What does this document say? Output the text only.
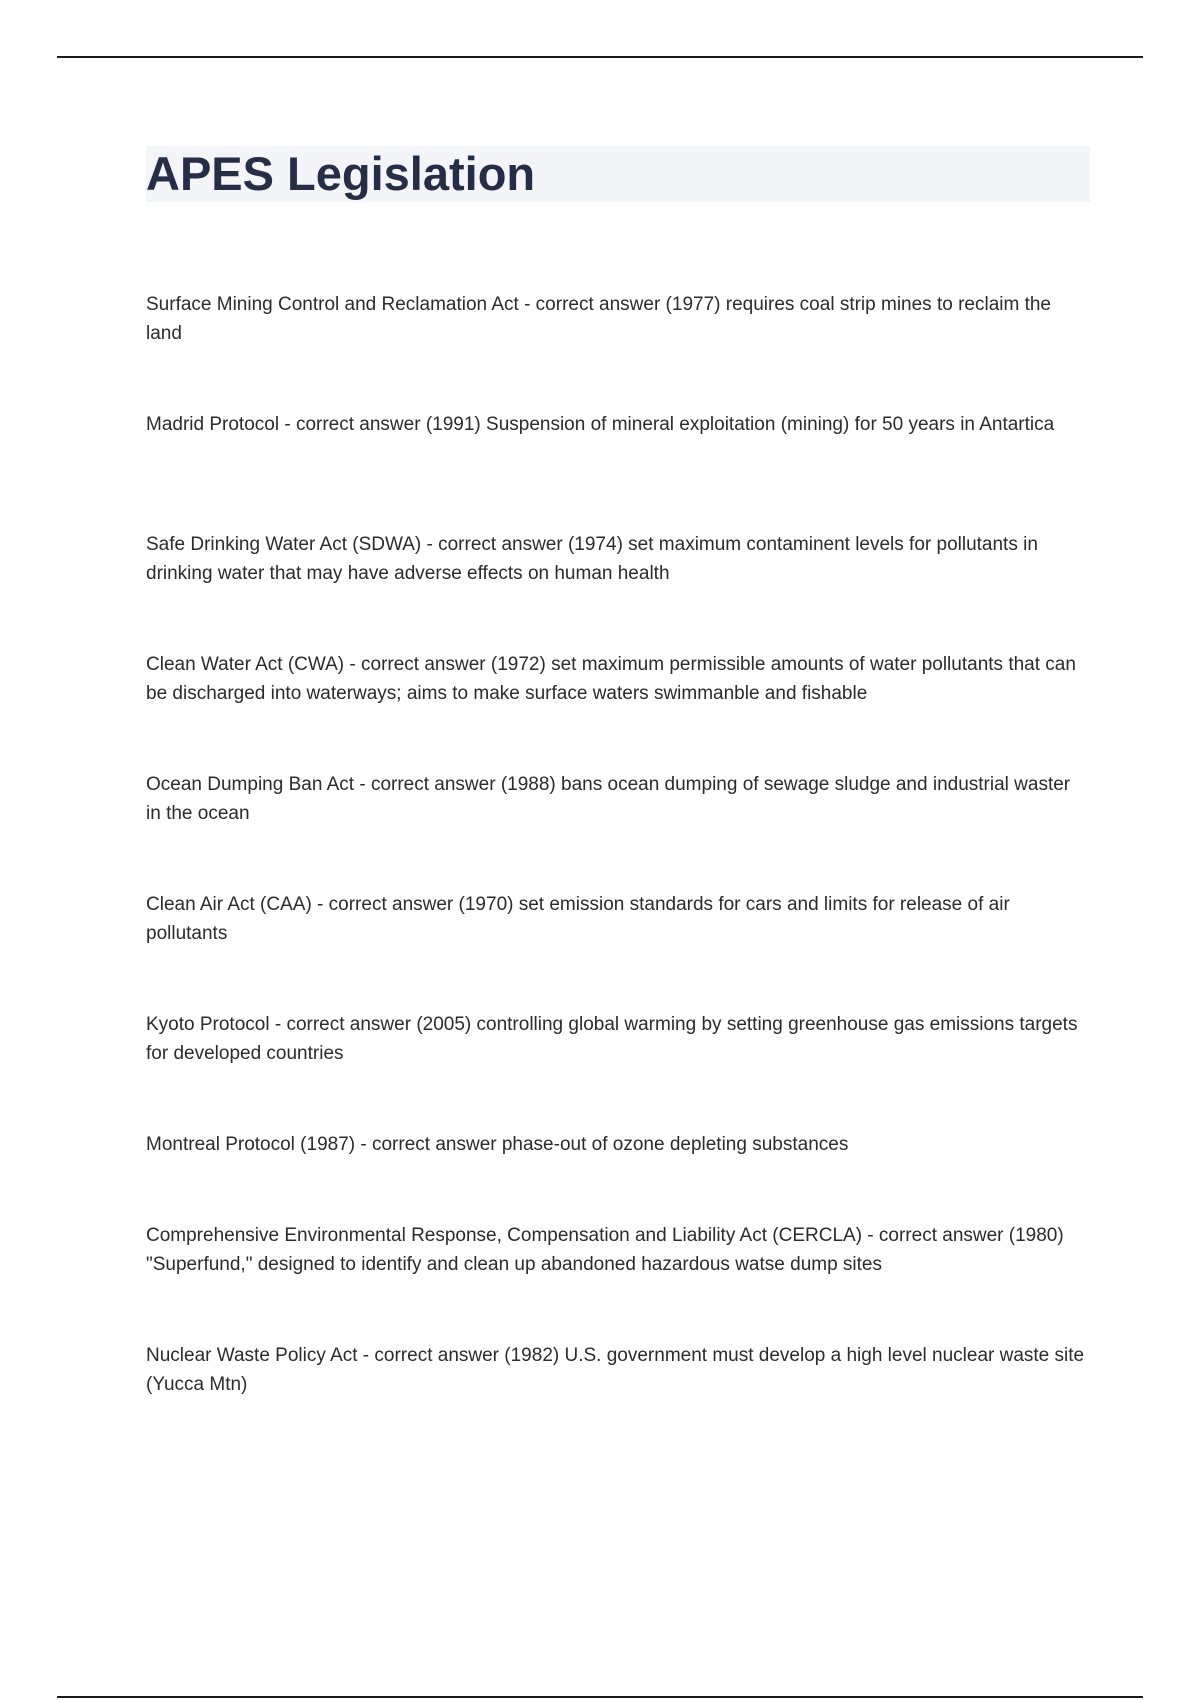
APES Legislation

Surface Mining Control and Reclamation Act - correct answer (1977) requires coal strip mines to reclaim the land

Madrid Protocol - correct answer (1991) Suspension of mineral exploitation (mining) for 50 years in Antartica

Safe Drinking Water Act (SDWA) - correct answer (1974) set maximum contaminent levels for pollutants in drinking water that may have adverse effects on human health

Clean Water Act (CWA) - correct answer (1972) set maximum permissible amounts of water pollutants that can be discharged into waterways; aims to make surface waters swimmanble and fishable

Ocean Dumping Ban Act - correct answer (1988) bans ocean dumping of sewage sludge and industrial waster in the ocean

Clean Air Act (CAA) - correct answer (1970) set emission standards for cars and limits for release of air pollutants

Kyoto Protocol - correct answer (2005) controlling global warming by setting greenhouse gas emissions targets for developed countries

Montreal Protocol (1987) - correct answer phase-out of ozone depleting substances

Comprehensive Environmental Response, Compensation and Liability Act (CERCLA) - correct answer (1980) "Superfund," designed to identify and clean up abandoned hazardous watse dump sites

Nuclear Waste Policy Act - correct answer (1982) U.S. government must develop a high level nuclear waste site (Yucca Mtn)
